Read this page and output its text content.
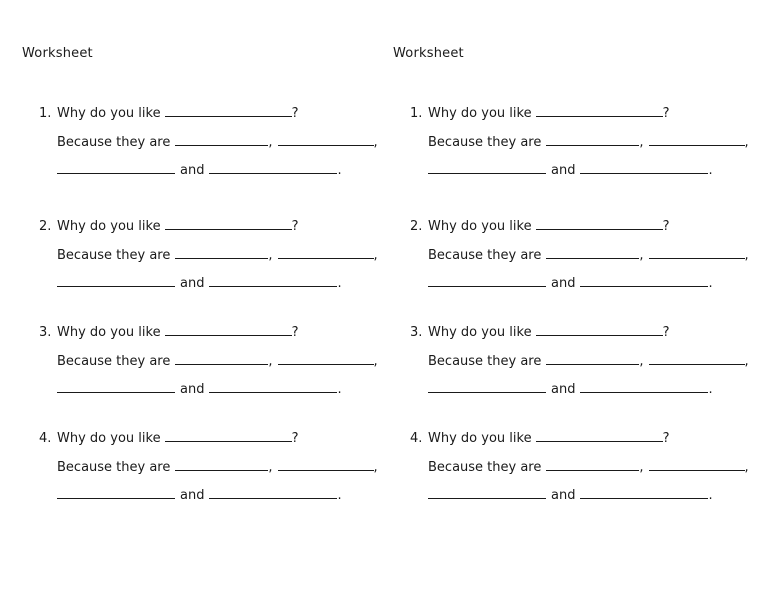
Worksheet
1. Why do you like	?
Because they are	,	,
and	.
2. Why do you like	?
Because they are	,	,
and	.
3. Why do you like	?
Because they are	,	,
and	.
4. Why do you like	?
Because they are	,	,
and	.
Worksheet
1. Why do you like	?
Because they are	,	,
and	.
2. Why do you like	?
Because they are	,	,
and	.
3. Why do you like	?
Because they are	,	,
and	.
4. Why do you like	?
Because they are	,	,
and	.
